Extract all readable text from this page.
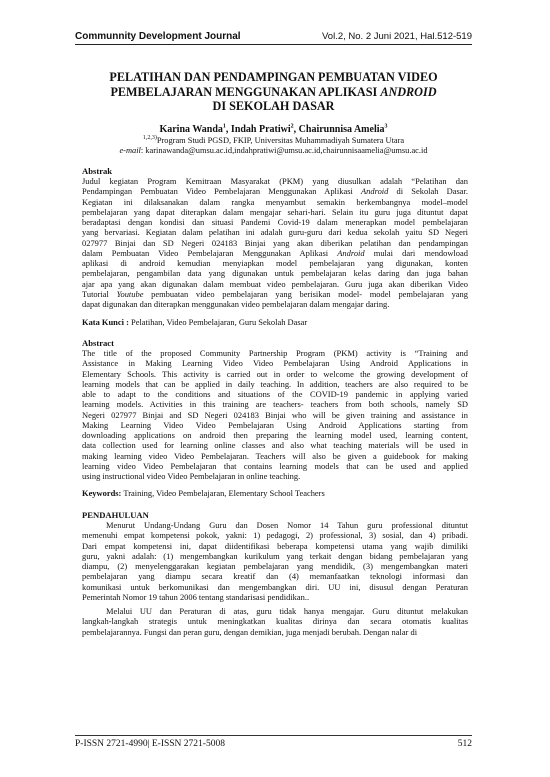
Communnity Development Journal	Vol.2, No. 2 Juni 2021, Hal.512-519
PELATIHAN DAN PENDAMPINGAN PEMBUATAN VIDEO
PEMBELAJARAN MENGGUNAKAN APLIKASI ANDROID
DI SEKOLAH DASAR
Karina Wanda$^1$, Indah Pratiwi$^2$, Chairunnisa Amelia$^3$
$^{1,2,3)}$Program Studi PGSD, FKIP, Universitas Muhammadiyah Sumatera Utara
e-mail: karinawanda@umsu.ac.id,indahpratiwi@umsu.ac.id,chairunnisaamelia@umsu.ac.id
Abstrak
Judul kegiatan Program Kemitraan Masyarakat (PKM) yang diusulkan adalah “Pelatihan dan
Pendampingan Pembuatan Video Pembelajaran Menggunakan Aplikasi Android di Sekolah Dasar.
Kegiatan ini dilaksanakan dalam rangka menyambut semakin berkembangnya model–model
pembelajaran yang dapat diterapkan dalam mengajar sehari-hari. Selain itu guru juga dituntut dapat
beradaptasi dengan kondisi dan situasi Pandemi Covid-19 dalam menerapkan model pembelajaran
yang bervariasi. Kegiatan dalam pelatihan ini adalah guru-guru dari kedua sekolah yaitu SD Negeri
027977 Binjai dan SD Negeri 024183 Binjai yang akan diberikan pelatihan dan pendampingan
dalam Pembuatan Video Pembelajaran Menggunakan Aplikasi Android mulai dari mendowload
aplikasi di android kemudian menyiapkan model pembelajaran yang digunakan, konten
pembelajaran, pengambilan data yang digunakan untuk pembelajaran kelas daring dan juga bahan
ajar apa yang akan digunakan dalam membuat video pembelajaran. Guru juga akan diberikan Video
Tutorial Youtube pembuatan video pembelajaran yang berisikan model- model pembelajaran yang
dapat digunakan dan diterapkan menggunakan video pembelajaran dalam mengajar daring.
Kata Kunci : Pelatihan, Video Pembelajaran, Guru Sekolah Dasar
Abstract
The title of the proposed Community Partnership Program (PKM) activity is “Training and
Assistance in Making Learning Video Video Pembelajaran Using Android Applications in
Elementary Schools. This activity is carried out in order to welcome the growing development of
learning models that can be applied in daily teaching. In addition, teachers are also required to be
able to adapt to the conditions and situations of the COVID-19 pandemic in applying varied
learning models. Activities in this training are teachers- teachers from both schools, namely SD
Negeri 027977 Binjai and SD Negeri 024183 Binjai who will be given training and assistance in
Making Learning Video Video Pembelajaran Using Android Applications starting from
downloading applications on android then preparing the learning model used, learning content,
data collection used for learning online classes and also what teaching materials will be used in
making learning video Video Pembelajaran. Teachers will also be given a guidebook for making
learning video Video Pembelajaran that contains learning models that can be used and applied
using instructional video Video Pembelajaran in online teaching.
Keywords: Training, Video Pembelajaran, Elementary School Teachers
PENDAHULUAN
Menurut Undang-Undang Guru dan Dosen Nomor 14 Tahun guru professional dituntut
memenuhi empat kompetensi pokok, yakni: 1) pedagogi, 2) professional, 3) sosial, dan 4) pribadi.
Dari empat kompetensi ini, dapat diidentifikasi beberapa kompetensi utama yang wajib dimiliki
guru, yakni adalah: (1) mengembangkan kurikulum yang terkait dengan bidang pembelajaran yang
diampu, (2) menyelenggarakan kegiatan pembelajaran yang mendidik, (3) mengembangkan materi
pembelajaran yang diampu secara kreatif dan (4) memanfaatkan teknologi informasi dan
komunikasi untuk berkomunikasi dan mengembangkan diri. UU ini, disusul dengan Peraturan
Pemerintah Nomor 19 tahun 2006 tentang standarisasi pendidikan..
Melalui UU dan Peraturan di atas, guru tidak hanya mengajar. Guru dituntut melakukan
langkah-langkah strategis untuk meningkatkan kualitas dirinya dan secara otomatis kualitas
pembelajarannya. Fungsi dan peran guru, dengan demikian, juga menjadi berubah. Dengan nalar di
P-ISSN 2721-4990| E-ISSN 2721-5008	512
